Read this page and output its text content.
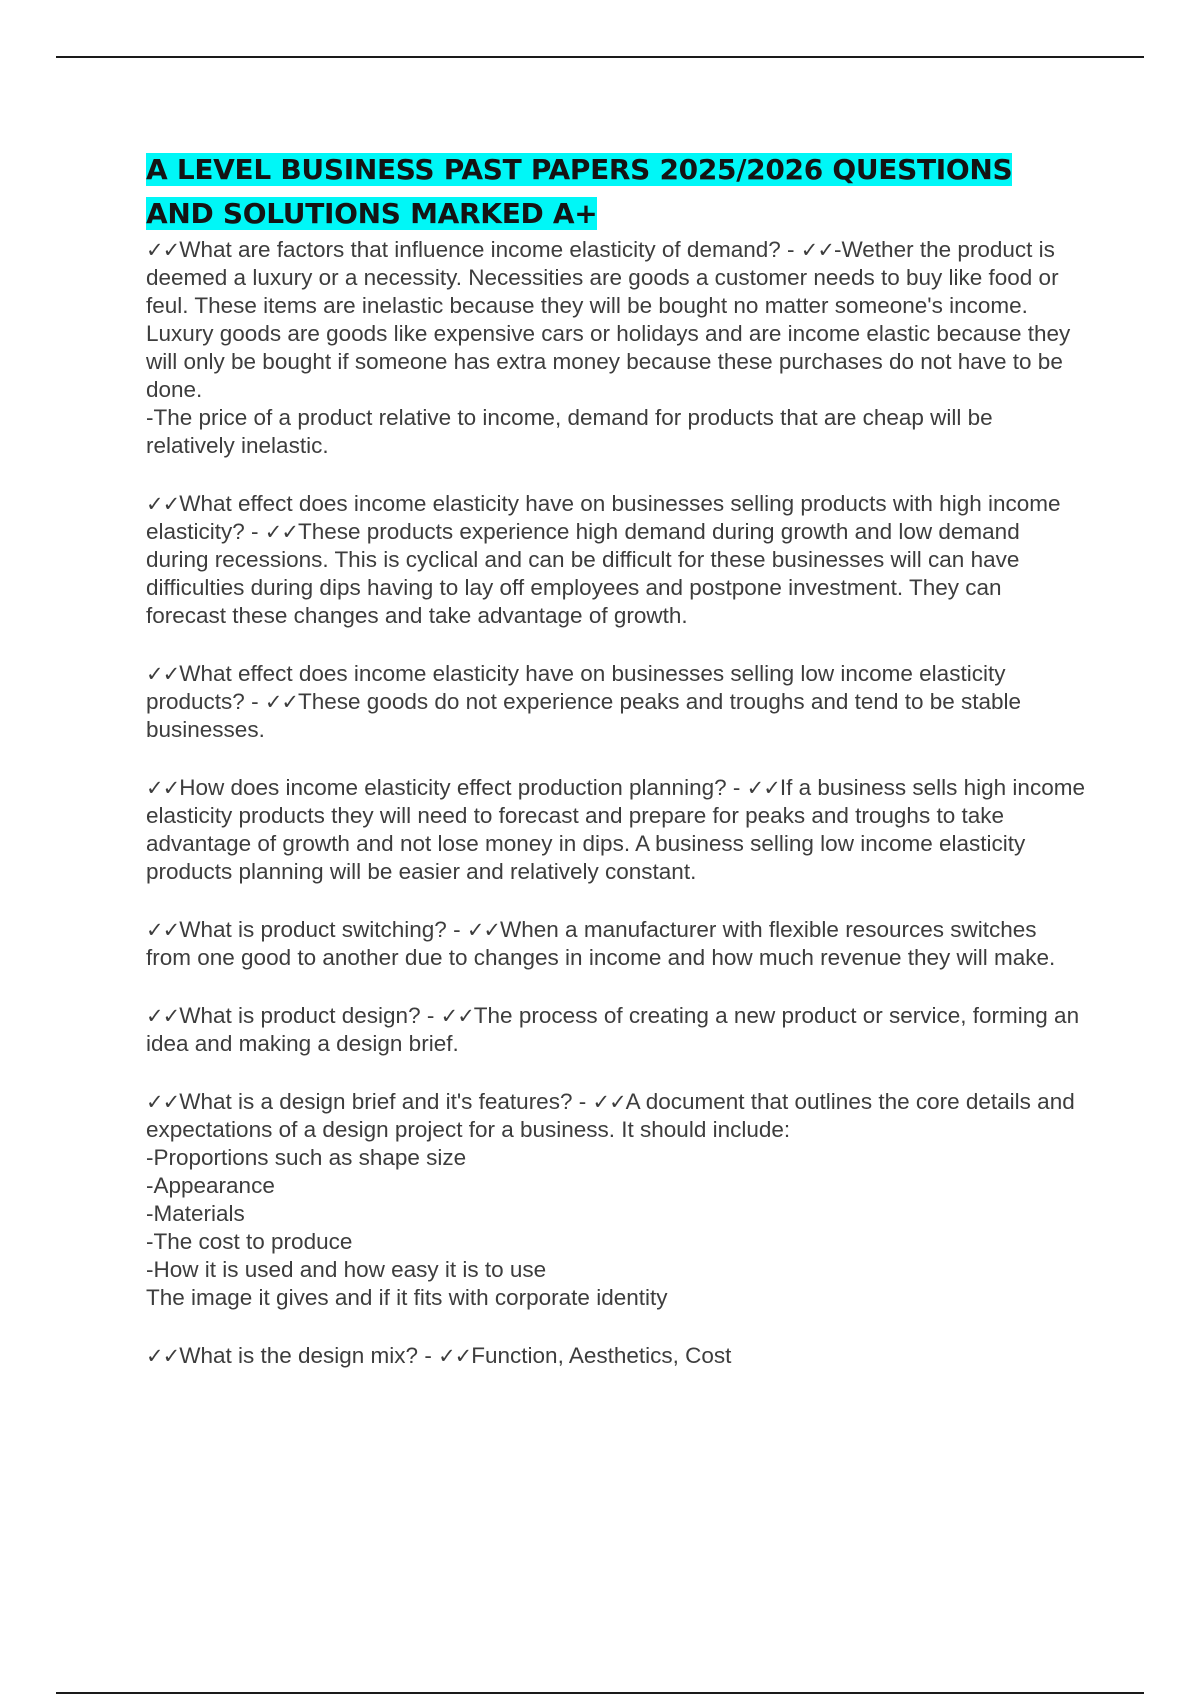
A LEVEL BUSINESS PAST PAPERS 2025/2026 QUESTIONS AND SOLUTIONS MARKED A+

✓✓What are factors that influence income elasticity of demand? - ✓✓-Wether the product is deemed a luxury or a necessity. Necessities are goods a customer needs to buy like food or feul. These items are inelastic because they will be bought no matter someone's income. Luxury goods are goods like expensive cars or holidays and are income elastic because they will only be bought if someone has extra money because these purchases do not have to be done.
-The price of a product relative to income, demand for products that are cheap will be relatively inelastic.

✓✓What effect does income elasticity have on businesses selling products with high income elasticity? - ✓✓These products experience high demand during growth and low demand during recessions. This is cyclical and can be difficult for these businesses will can have difficulties during dips having to lay off employees and postpone investment. They can forecast these changes and take advantage of growth.

✓✓What effect does income elasticity have on businesses selling low income elasticity products? - ✓✓These goods do not experience peaks and troughs and tend to be stable businesses.

✓✓How does income elasticity effect production planning? - ✓✓If a business sells high income elasticity products they will need to forecast and prepare for peaks and troughs to take advantage of growth and not lose money in dips. A business selling low income elasticity products planning will be easier and relatively constant.

✓✓What is product switching? - ✓✓When a manufacturer with flexible resources switches from one good to another due to changes in income and how much revenue they will make.

✓✓What is product design? - ✓✓The process of creating a new product or service, forming an idea and making a design brief.

✓✓What is a design brief and it's features? - ✓✓A document that outlines the core details and expectations of a design project for a business. It should include:
-Proportions such as shape size
-Appearance
-Materials
-The cost to produce
-How it is used and how easy it is to use
The image it gives and if it fits with corporate identity

✓✓What is the design mix? - ✓✓Function, Aesthetics, Cost
